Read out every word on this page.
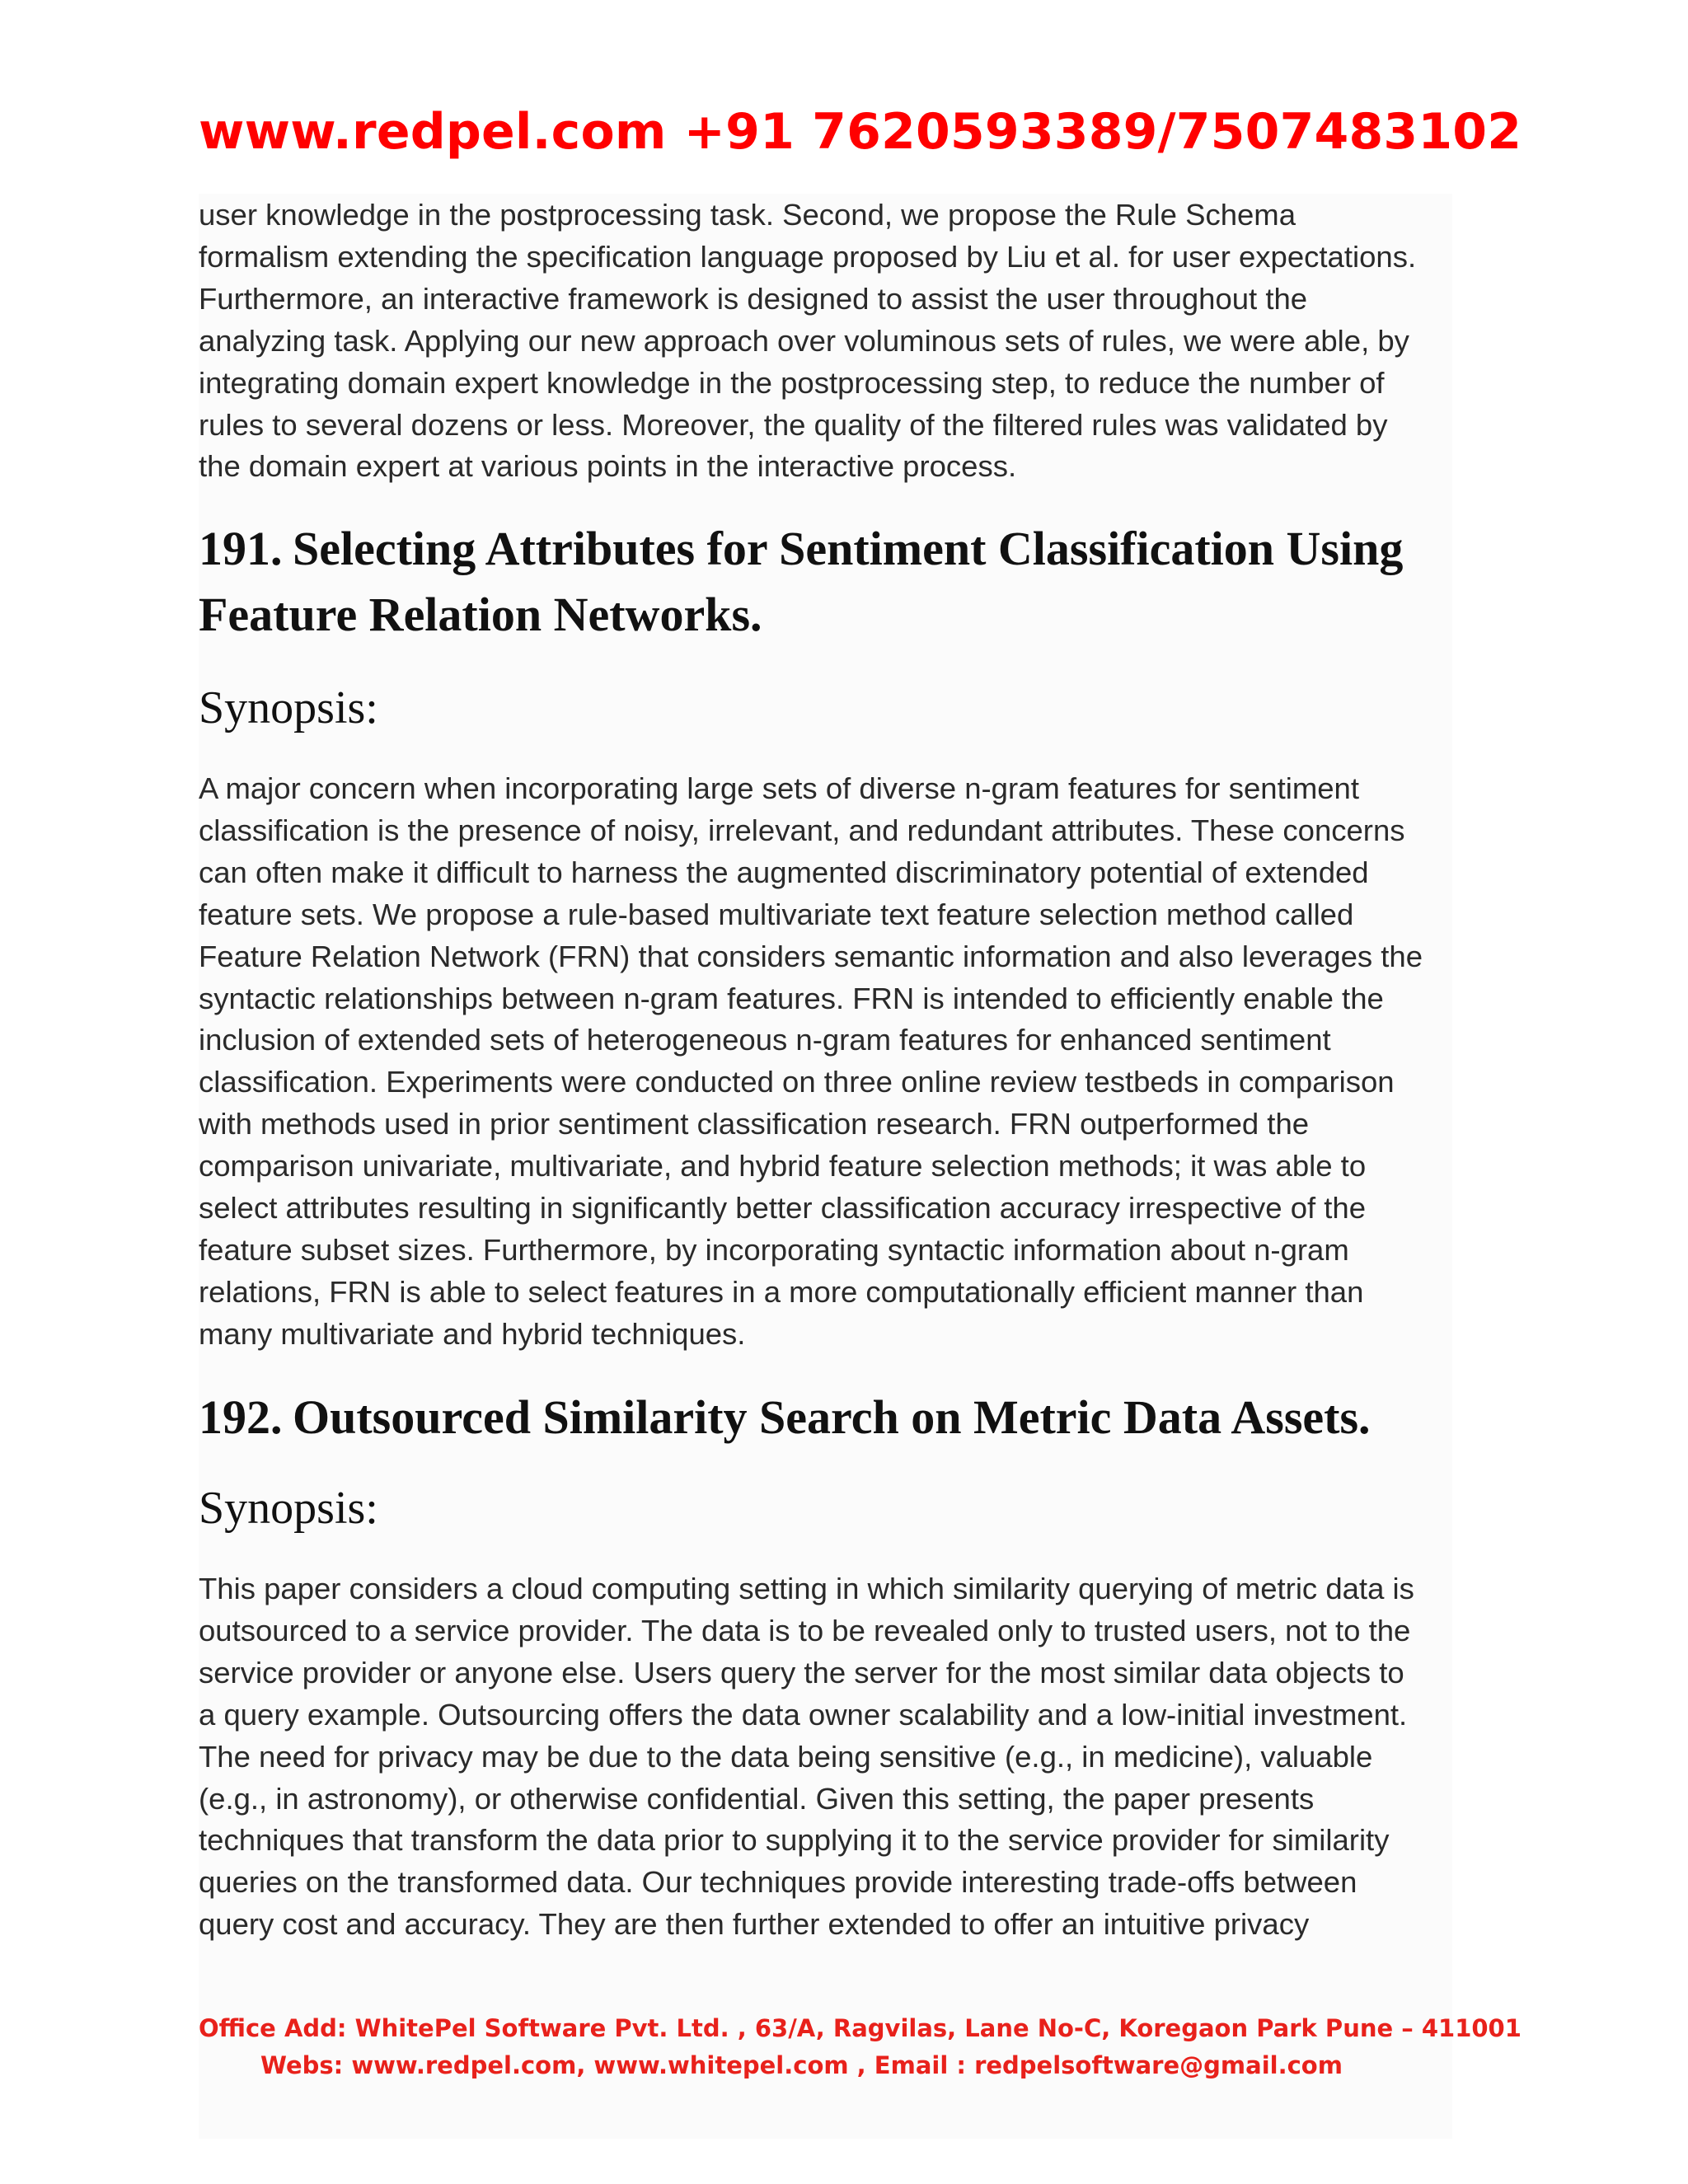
www.redpel.com +91 7620593389/7507483102
user knowledge in the postprocessing task. Second, we propose the Rule Schema
formalism extending the specification language proposed by Liu et al. for user expectations.
Furthermore, an interactive framework is designed to assist the user throughout the
analyzing task. Applying our new approach over voluminous sets of rules, we were able, by
integrating domain expert knowledge in the postprocessing step, to reduce the number of
rules to several dozens or less. Moreover, the quality of the filtered rules was validated by
the domain expert at various points in the interactive process.
191. Selecting Attributes for Sentiment Classification Using
Feature Relation Networks.
Synopsis:
A major concern when incorporating large sets of diverse n-gram features for sentiment
classification is the presence of noisy, irrelevant, and redundant attributes. These concerns
can often make it difficult to harness the augmented discriminatory potential of extended
feature sets. We propose a rule-based multivariate text feature selection method called
Feature Relation Network (FRN) that considers semantic information and also leverages the
syntactic relationships between n-gram features. FRN is intended to efficiently enable the
inclusion of extended sets of heterogeneous n-gram features for enhanced sentiment
classification. Experiments were conducted on three online review testbeds in comparison
with methods used in prior sentiment classification research. FRN outperformed the
comparison univariate, multivariate, and hybrid feature selection methods; it was able to
select attributes resulting in significantly better classification accuracy irrespective of the
feature subset sizes. Furthermore, by incorporating syntactic information about n-gram
relations, FRN is able to select features in a more computationally efficient manner than
many multivariate and hybrid techniques.
192. Outsourced Similarity Search on Metric Data Assets.
Synopsis:
This paper considers a cloud computing setting in which similarity querying of metric data is
outsourced to a service provider. The data is to be revealed only to trusted users, not to the
service provider or anyone else. Users query the server for the most similar data objects to
a query example. Outsourcing offers the data owner scalability and a low-initial investment.
The need for privacy may be due to the data being sensitive (e.g., in medicine), valuable
(e.g., in astronomy), or otherwise confidential. Given this setting, the paper presents
techniques that transform the data prior to supplying it to the service provider for similarity
queries on the transformed data. Our techniques provide interesting trade-offs between
query cost and accuracy. They are then further extended to offer an intuitive privacy
Office Add: WhitePel Software Pvt. Ltd. , 63/A, Ragvilas, Lane No-C, Koregaon Park Pune – 411001
Webs: www.redpel.com, www.whitepel.com , Email : redpelsoftware@gmail.com
